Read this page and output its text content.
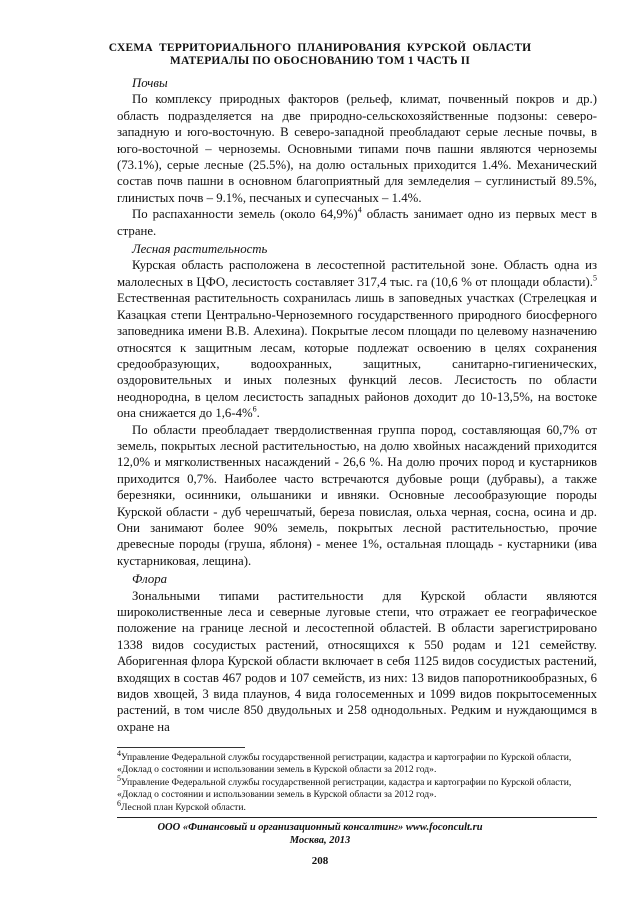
СХЕМА ТЕРРИТОРИАЛЬНОГО ПЛАНИРОВАНИЯ КУРСКОЙ ОБЛАСТИ
МАТЕРИАЛЫ ПО ОБОСНОВАНИЮ ТОМ 1 ЧАСТЬ II
Почвы

По комплексу природных факторов (рельеф, климат, почвенный покров и др.) область подразделяется на две природно-сельскохозяйственные подзоны: северо-западную и юго-восточную. В северо-западной преобладают серые лесные почвы, в юго-восточной – черноземы. Основными типами почв пашни являются черноземы (73.1%), серые лесные (25.5%), на долю остальных приходится 1.4%. Механический состав почв пашни в основном благоприятный для земледелия – суглинистый 89.5%, глинистых почв – 9.1%, песчаных и супесчаных – 1.4%.

По распаханности земель (около 64,9%)$^4$ область занимает одно из первых мест в стране.

Лесная растительность

Курская область расположена в лесостепной растительной зоне. Область одна из малолесных в ЦФО, лесистость составляет 317,4 тыс. га (10,6 % от площади области).$^5$ Естественная растительность сохранилась лишь в заповедных участках (Стрелецкая и Казацкая степи Центрально-Черноземного государственного природного биосферного заповедника имени В.В. Алехина). Покрытые лесом площади по целевому назначению относятся к защитным лесам, которые подлежат освоению в целях сохранения средообразующих, водоохранных, защитных, санитарно-гигиенических, оздоровительных и иных полезных функций лесов. Лесистость по области неоднородна, в целом лесистость западных районов доходит до 10-13,5%, на востоке она снижается до 1,6-4%$^6$.

По области преобладает твердолиственная группа пород, составляющая 60,7% от земель, покрытых лесной растительностью, на долю хвойных насаждений приходится 12,0% и мягколиственных насаждений - 26,6 %. На долю прочих пород и кустарников приходится 0,7%. Наиболее часто встречаются дубовые рощи (дубравы), а также березняки, осинники, ольшаники и ивняки. Основные лесообразующие породы Курской области - дуб черешчатый, береза повислая, ольха черная, сосна, осина и др. Они занимают более 90% земель, покрытых лесной растительностью, прочие древесные породы (груша, яблоня) - менее 1%, остальная площадь - кустарники (ива кустарниковая, лещина).

Флора

Зональными типами растительности для Курской области являются широколиственные леса и северные луговые степи, что отражает ее географическое положение на границе лесной и лесостепной областей. В области зарегистрировано 1338 видов сосудистых растений, относящихся к 550 родам и 121 семейству. Аборигенная флора Курской области включает в себя 1125 видов сосудистых растений, входящих в состав 467 родов и 107 семейств, из них: 13 видов папоротникообразных, 6 видов хвощей, 3 вида плаунов, 4 вида голосеменных и 1099 видов покрытосеменных растений, в том числе 850 двудольных и 258 однодольных. Редким и нуждающимся в охране на

$^4$Управление Федеральной службы государственной регистрации, кадастра и картографии по Курской области, «Доклад о состоянии и использовании земель в Курской области за 2012 год».
$^5$Управление Федеральной службы государственной регистрации, кадастра и картографии по Курской области, «Доклад о состоянии и использовании земель в Курской области за 2012 год».
$^6$Лесной план Курской области.
ООО «Финансовый и организационный консалтинг» www.foconcult.ru
Москва, 2013
208
